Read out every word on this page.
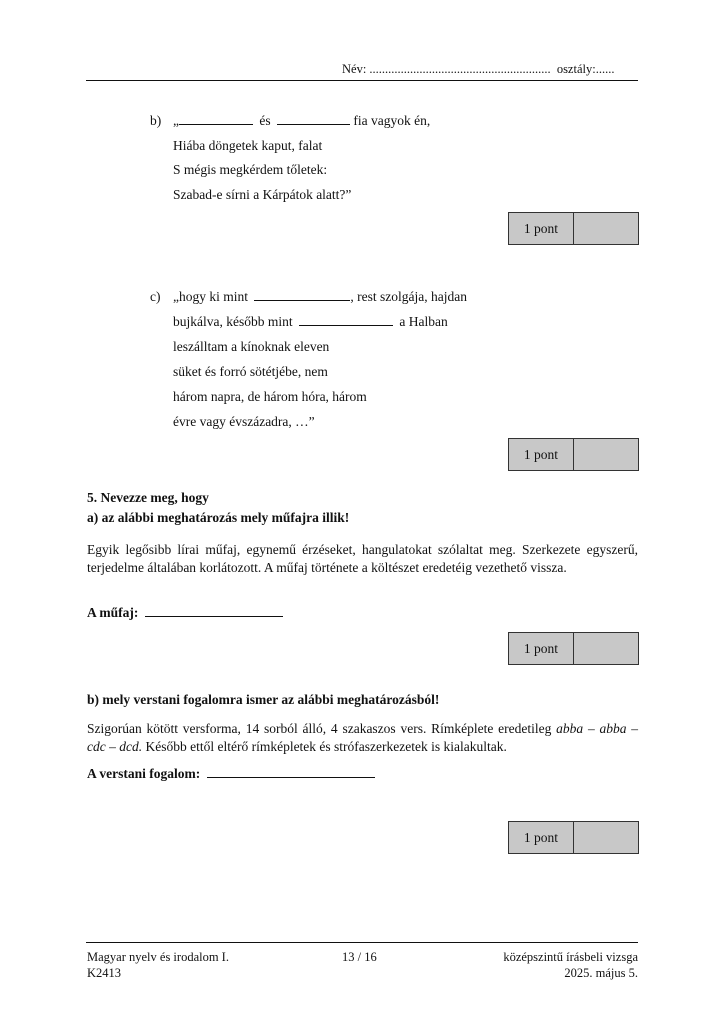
Név: .......................................................... osztály:......
b) „	és	fia vagyok én,
Hiába döngetek kaput, falat
S mégis megkérdem tőletek:
Szabad-e sírni a Kárpátok alatt?”
1 pont
c) „hogy ki mint	, rest szolgája, hajdan
bujkálva, később mint	a Halban
leszálltam a kínoknak eleven
süket és forró sötétjébe, nem
három napra, de három hóra, három
évre vagy évszázadra, …”
1 pont
5. Nevezze meg, hogy
a) az alábbi meghatározás mely műfajra illik!
Egyik legősibb lírai műfaj, egynemű érzéseket, hangulatokat szólaltat meg. Szerkezete egyszerű, terjedelme általában korlátozott. A műfaj története a költészet eredetéig vezethető vissza.
A műfaj:
1 pont
b) mely verstani fogalomra ismer az alábbi meghatározásból!
Szigorúan kötött versforma, 14 sorból álló, 4 szakaszos vers. Rímképlete eredetileg abba – abba – cdc – dcd. Később ettől eltérő rímképletek és strófaszerkezetek is kialakultak.
A verstani fogalom:
1 pont
Magyar nyelv és irodalom I.
K2413
13 / 16	középszintű írásbeli vizsga
2025. május 5.
